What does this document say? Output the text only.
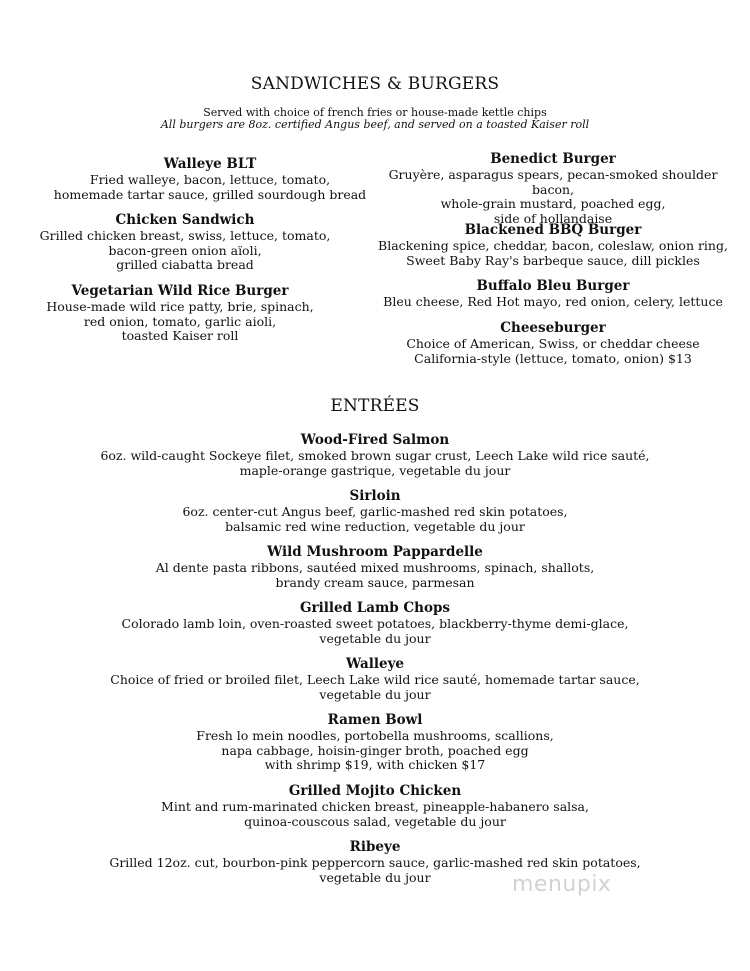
SANDWICHES & BURGERS
Served with choice of french fries or house-made kettle chips
All burgers are 8oz. certified Angus beef, and served on a toasted Kaiser roll
Walleye BLT
Fried walleye, bacon, lettuce, tomato,
homemade tartar sauce, grilled sourdough bread
Chicken Sandwich
Grilled chicken breast, swiss, lettuce, tomato,
bacon-green onion aïoli,
grilled ciabatta bread
Vegetarian Wild Rice Burger
House-made wild rice patty, brie, spinach,
red onion, tomato, garlic aioli,
toasted Kaiser roll
Benedict Burger
Gruyère, asparagus spears, pecan-smoked shoulder bacon,
whole-grain mustard, poached egg,
side of hollandaise
Blackened BBQ Burger
Blackening spice, cheddar, bacon, coleslaw, onion ring,
Sweet Baby Ray's barbeque sauce, dill pickles
Buffalo Bleu Burger
Bleu cheese, Red Hot mayo, red onion, celery, lettuce
Cheeseburger
Choice of American, Swiss, or cheddar cheese
California-style (lettuce, tomato, onion) $13
ENTRÉES
Wood-Fired Salmon
6oz. wild-caught Sockeye filet, smoked brown sugar crust, Leech Lake wild rice sauté,
maple-orange gastrique, vegetable du jour
Sirloin
6oz. center-cut Angus beef, garlic-mashed red skin potatoes,
balsamic red wine reduction, vegetable du jour
Wild Mushroom Pappardelle
Al dente pasta ribbons, sautéed mixed mushrooms, spinach, shallots,
brandy cream sauce, parmesan
Grilled Lamb Chops
Colorado lamb loin, oven-roasted sweet potatoes, blackberry-thyme demi-glace,
vegetable du jour
Walleye
Choice of fried or broiled filet, Leech Lake wild rice sauté, homemade tartar sauce,
vegetable du jour
Ramen Bowl
Fresh lo mein noodles, portobella mushrooms, scallions,
napa cabbage, hoisin-ginger broth, poached egg
with shrimp $19, with chicken $17
Grilled Mojito Chicken
Mint and rum-marinated chicken breast, pineapple-habanero salsa,
quinoa-couscous salad, vegetable du jour
Ribeye
Grilled 12oz. cut, bourbon-pink peppercorn sauce, garlic-mashed red skin potatoes,
vegetable du jour	menupix
